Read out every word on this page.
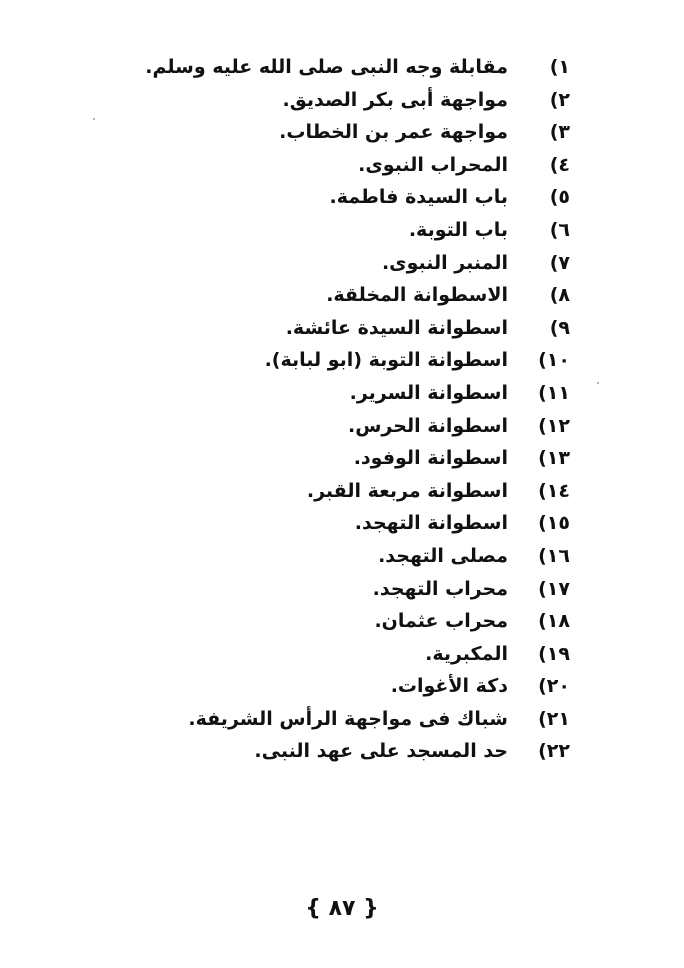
١)
مقابلة وجه النبى صلى الله عليه وسلم.
٢)
مواجهة أبى بكر الصديق.
٣)
مواجهة عمر بن الخطاب.
٤)
المحراب النبوى.
٥)
باب السيدة فاطمة.
٦)
باب التوبة.
٧)
المنبر النبوى.
٨)
الاسطوانة المخلقة.
٩)
اسطوانة السيدة عائشة.
١٠)
اسطوانة التوبة (ابو لبابة).
١١)
اسطوانة السرير.
١٢)
اسطوانة الحرس.
١٣)
اسطوانة الوفود.
١٤)
اسطوانة مربعة القبر.
١٥)
اسطوانة التهجد.
١٦)
مصلى التهجد.
١٧)
محراب التهجد.
١٨)
محراب عثمان.
١٩)
المكبرية.
٢٠)
دكة الأغوات.
٢١)
شباك فى مواجهة الرأس الشريفة.
٢٢)
حد المسجد على عهد النبى.
{ ٨٧ }
